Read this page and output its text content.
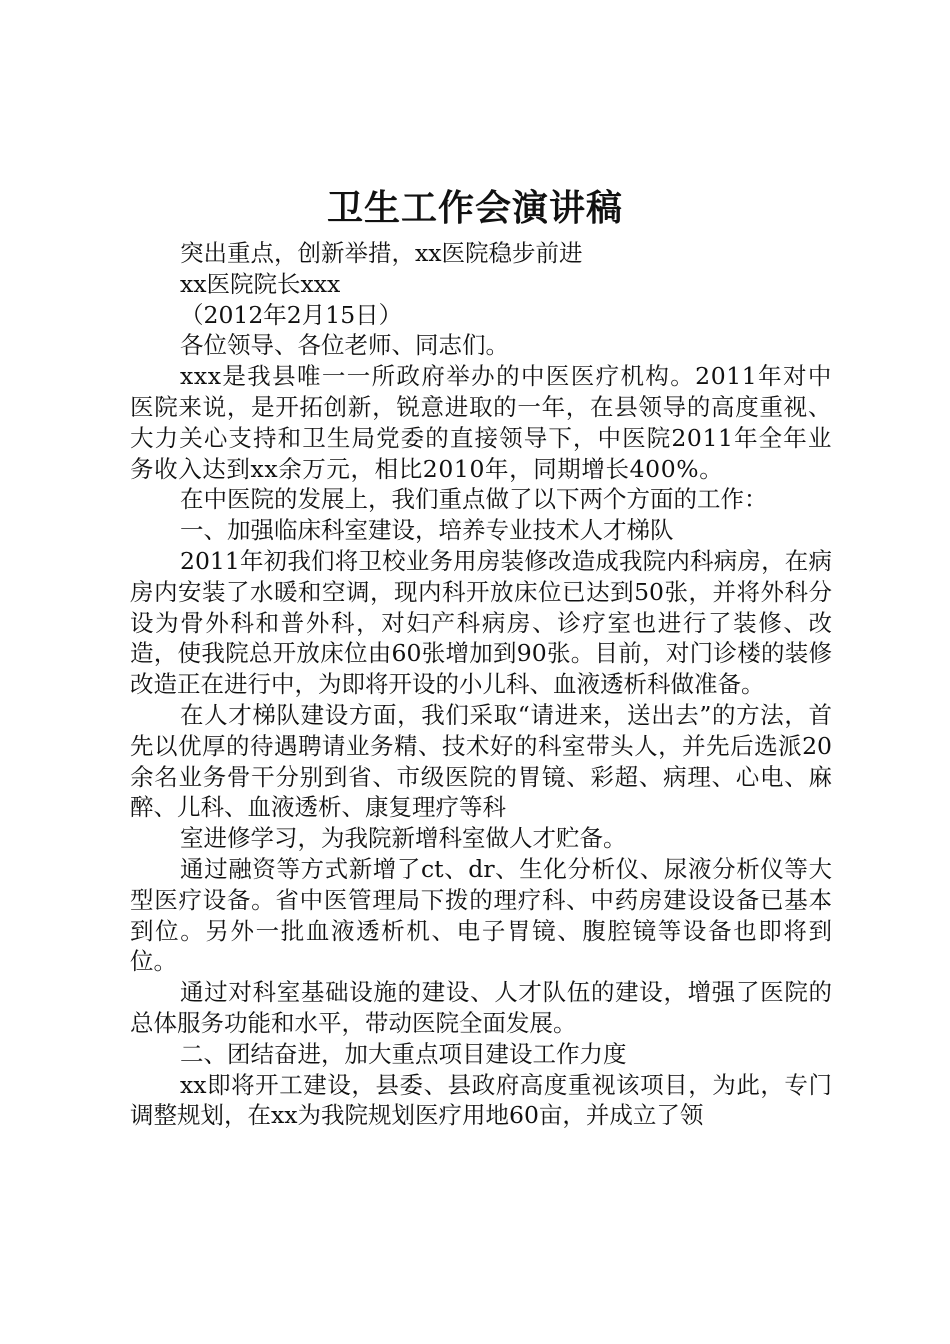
卫生工作会演讲稿

突出重点，创新举措，xx医院稳步前进

xx医院院长xxx

（2012年2月15日）

各位领导、各位老师、同志们。

xxx是我县唯一一所政府举办的中医医疗机构。2011年对中医院来说，是开拓创新，锐意进取的一年，在县领导的高度重视、大力关心支持和卫生局党委的直接领导下，中医院2011年全年业务收入达到xx余万元，相比2010年，同期增长400%。

在中医院的发展上，我们重点做了以下两个方面的工作：

一、加强临床科室建设，培养专业技术人才梯队

2011年初我们将卫校业务用房装修改造成我院内科病房，在病房内安装了水暖和空调，现内科开放床位已达到50张，并将外科分设为骨外科和普外科，对妇产科病房、诊疗室也进行了装修、改造，使我院总开放床位由60张增加到90张。目前，对门诊楼的装修改造正在进行中，为即将开设的小儿科、血液透析科做准备。

在人才梯队建设方面，我们采取“请进来，送出去”的方法，首先以优厚的待遇聘请业务精、技术好的科室带头人，并先后选派20余名业务骨干分别到省、市级医院的胃镜、彩超、病理、心电、麻醉、儿科、血液透析、康复理疗等科

室进修学习，为我院新增科室做人才贮备。

通过融资等方式新增了ct、dr、生化分析仪、尿液分析仪等大型医疗设备。省中医管理局下拨的理疗科、中药房建设设备已基本到位。另外一批血液透析机、电子胃镜、腹腔镜等设备也即将到位。

通过对科室基础设施的建设、人才队伍的建设，增强了医院的总体服务功能和水平，带动医院全面发展。

二、团结奋进，加大重点项目建设工作力度

xx即将开工建设，县委、县政府高度重视该项目，为此，专门调整规划，在xx为我院规划医疗用地60亩，并成立了领
